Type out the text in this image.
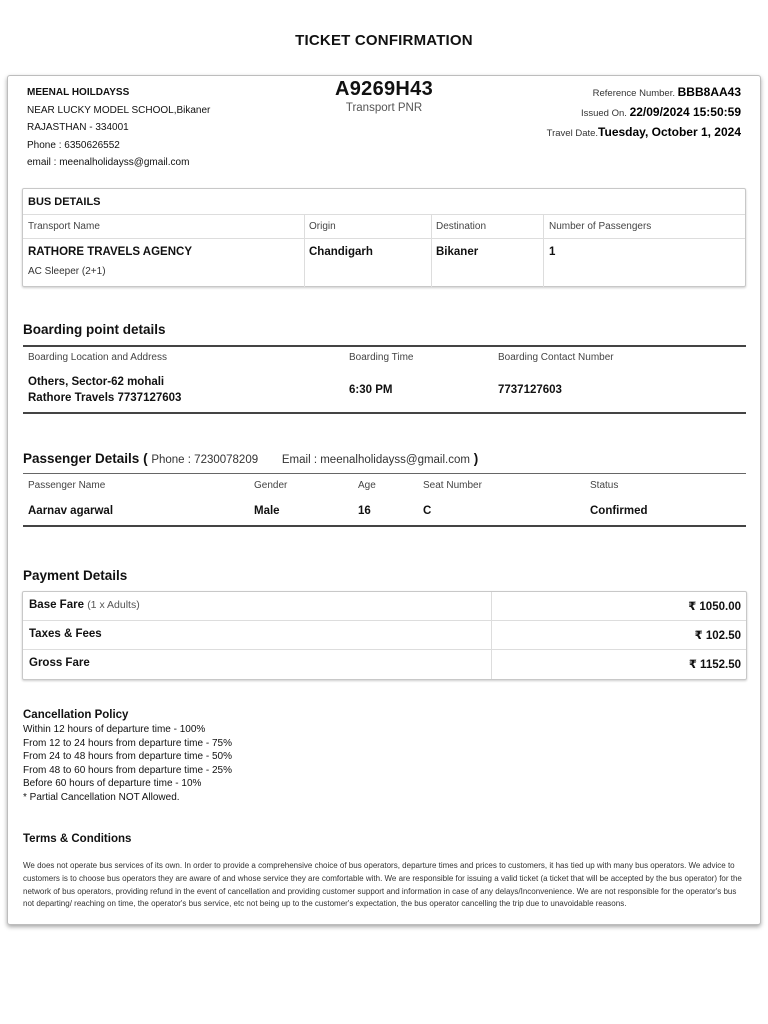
TICKET CONFIRMATION
MEENAL HOILDAYSS
NEAR LUCKY MODEL SCHOOL,Bikaner
RAJASTHAN - 334001
Phone : 6350626552
email : meenalholidayss@gmail.com
A9269H43
Transport PNR
Reference Number. BBB8AA43
Issued On. 22/09/2024 15:50:59
Travel Date.Tuesday, October 1, 2024
BUS DETAILS
Transport Name	Origin	Destination	Number of Passengers
RATHORE TRAVELS AGENCY
AC Sleeper (2+1)
Chandigarh	Bikaner	1
Boarding point details
Boarding Location and Address	Boarding Time	Boarding Contact Number
Others, Sector-62 mohali
Rathore Travels 7737127603
6:30 PM	7737127603
Passenger Details ( Phone : 7230078209 Email : meenalholidayss@gmail.com )
Passenger Name	Gender	Age	Seat Number	Status
Aarnav agarwal	Male	16	C	Confirmed
Payment Details
Base Fare (1 x Adults)	₹ 1050.00
Taxes & Fees	₹ 102.50
Gross Fare	₹ 1152.50
Cancellation Policy
Within 12 hours of departure time - 100%
From 12 to 24 hours from departure time - 75%
From 24 to 48 hours from departure time - 50%
From 48 to 60 hours from departure time - 25%
Before 60 hours of departure time - 10%
* Partial Cancellation NOT Allowed.
Terms & Conditions
We does not operate bus services of its own. In order to provide a comprehensive choice of bus operators, departure times and prices to customers, it has tied up with many bus operators. We advice to customers is to choose bus operators they are aware of and whose service they are comfortable with. We are responsible for issuing a valid ticket (a ticket that will be accepted by the bus operator) for the network of bus operators, providing refund in the event of cancellation and providing customer support and information in case of any delays/Inconvenience. We are not responsible for the operator's bus not departing/ reaching on time, the operator's bus service, etc not being up to the customer's expectation, the bus operator cancelling the trip due to unavoidable reasons.
